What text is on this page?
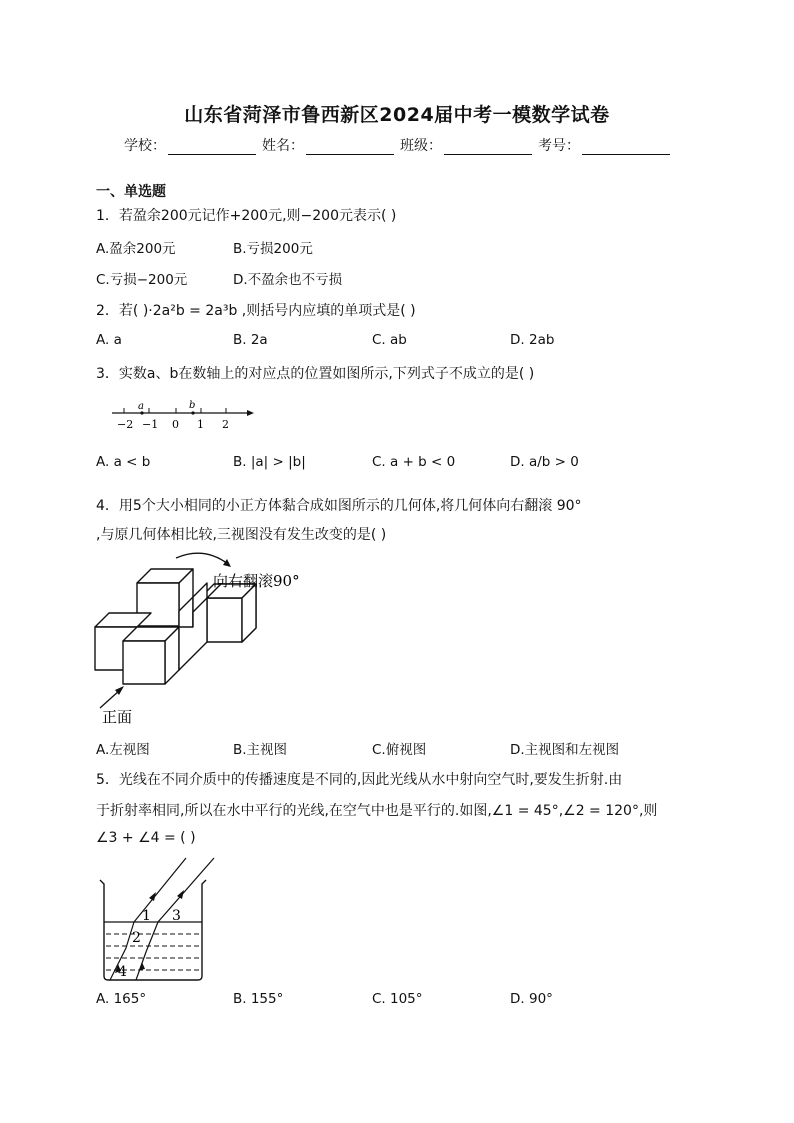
山东省菏泽市鲁西新区2024届中考一模数学试卷
学校：	姓名：	班级：	考号：
一、单选题
1．若盈余200元记作+200元,则−200元表示( )
A.盈余200元	B.亏损200元
C.亏损−200元	D.不盈余也不亏损
2．若( )·2a²b = 2a³b ,则括号内应填的单项式是( )
A. a	B. 2a	C. ab	D. 2ab
3．实数a、b在数轴上的对应点的位置如图所示,下列式子不成立的是( )
a	b
−2 −1 0 1 2
A. a < b	B. |a| > |b|	C. a + b < 0	D. a/b > 0
4．用5个大小相同的小正方体黏合成如图所示的几何体,将几何体向右翻滚 90°
,与原几何体相比较,三视图没有发生改变的是( )
向右翻滚90°
正面
A.左视图	B.主视图	C.俯视图	D.主视图和左视图
5．光线在不同介质中的传播速度是不同的,因此光线从水中射向空气时,要发生折射.由
于折射率相同,所以在水中平行的光线,在空气中也是平行的.如图,∠1 = 45°,∠2 = 120°,则
∠3 + ∠4 = ( )
1
2
3
4
A. 165°	B. 155°	C. 105°	D. 90°
